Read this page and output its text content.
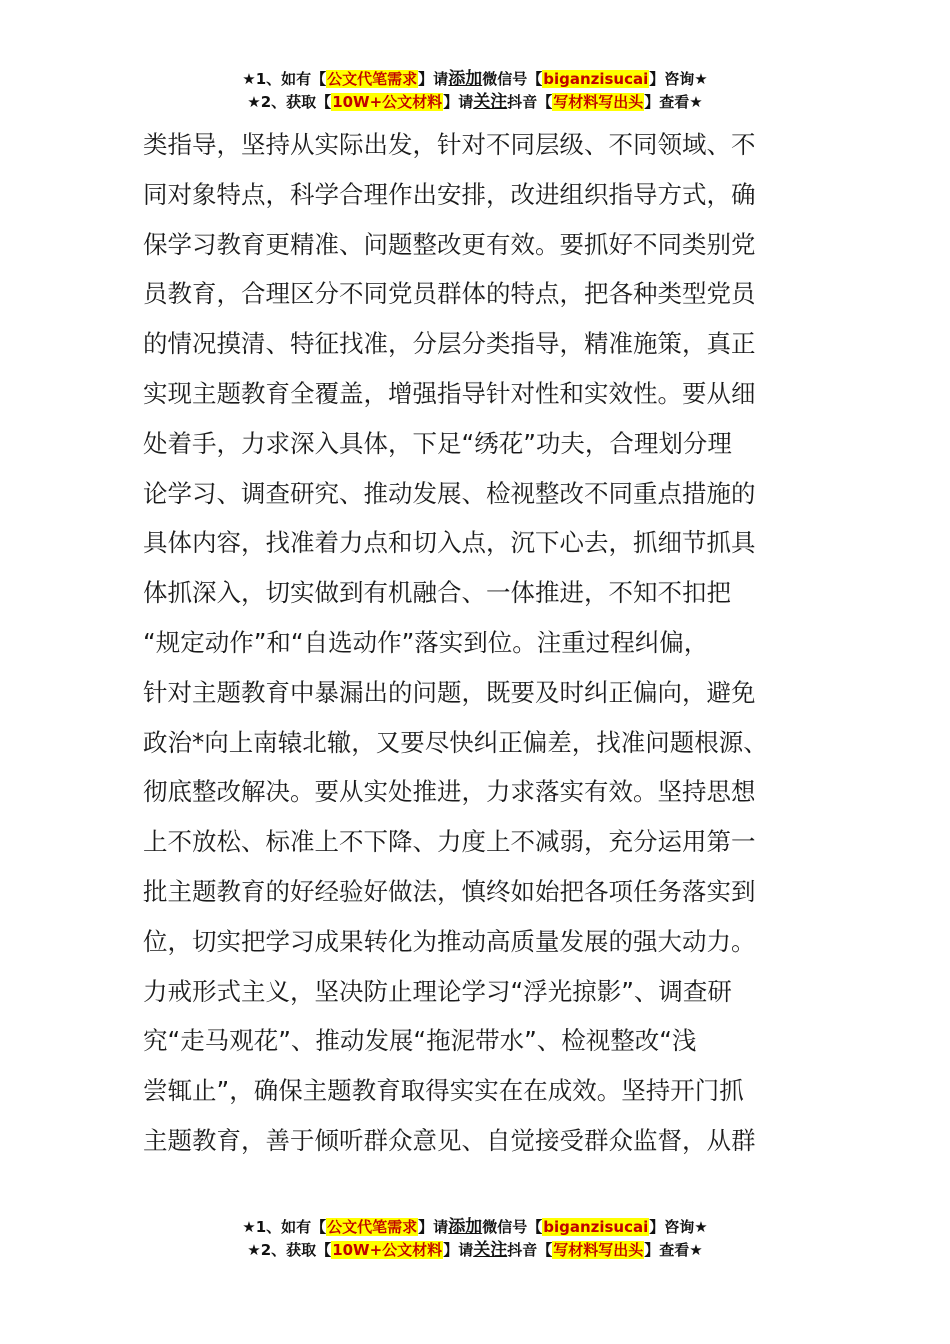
★1、如有【公文代笔需求】请添加微信号【biganzisucai】咨询★
★2、获取【10W+公文材料】请关注抖音【写材料写出头】查看★
类指导，坚持从实际出发，针对不同层级、不同领域、不
同对象特点，科学合理作出安排，改进组织指导方式，确
保学习教育更精准、问题整改更有效。要抓好不同类别党
员教育，合理区分不同党员群体的特点，把各种类型党员
的情况摸清、特征找准，分层分类指导，精准施策，真正
实现主题教育全覆盖，增强指导针对性和实效性。要从细
处着手，力求深入具体，下足“绣花”功夫，合理划分理
论学习、调查研究、推动发展、检视整改不同重点措施的
具体内容，找准着力点和切入点，沉下心去，抓细节抓具
体抓深入，切实做到有机融合、一体推进，不知不扣把
“规定动作”和“自选动作”落实到位。注重过程纠偏，
针对主题教育中暴漏出的问题，既要及时纠正偏向，避免
政治*向上南辕北辙，又要尽快纠正偏差，找准问题根源、
彻底整改解决。要从实处推进，力求落实有效。坚持思想
上不放松、标准上不下降、力度上不减弱，充分运用第一
批主题教育的好经验好做法，慎终如始把各项任务落实到
位，切实把学习成果转化为推动高质量发展的强大动力。
力戒形式主义，坚决防止理论学习“浮光掠影”、调查研
究“走马观花”、推动发展“拖泥带水”、检视整改“浅
尝辄止”，确保主题教育取得实实在在成效。坚持开门抓
主题教育，善于倾听群众意见、自觉接受群众监督，从群
★1、如有【公文代笔需求】请添加微信号【biganzisucai】咨询★
★2、获取【10W+公文材料】请关注抖音【写材料写出头】查看★
